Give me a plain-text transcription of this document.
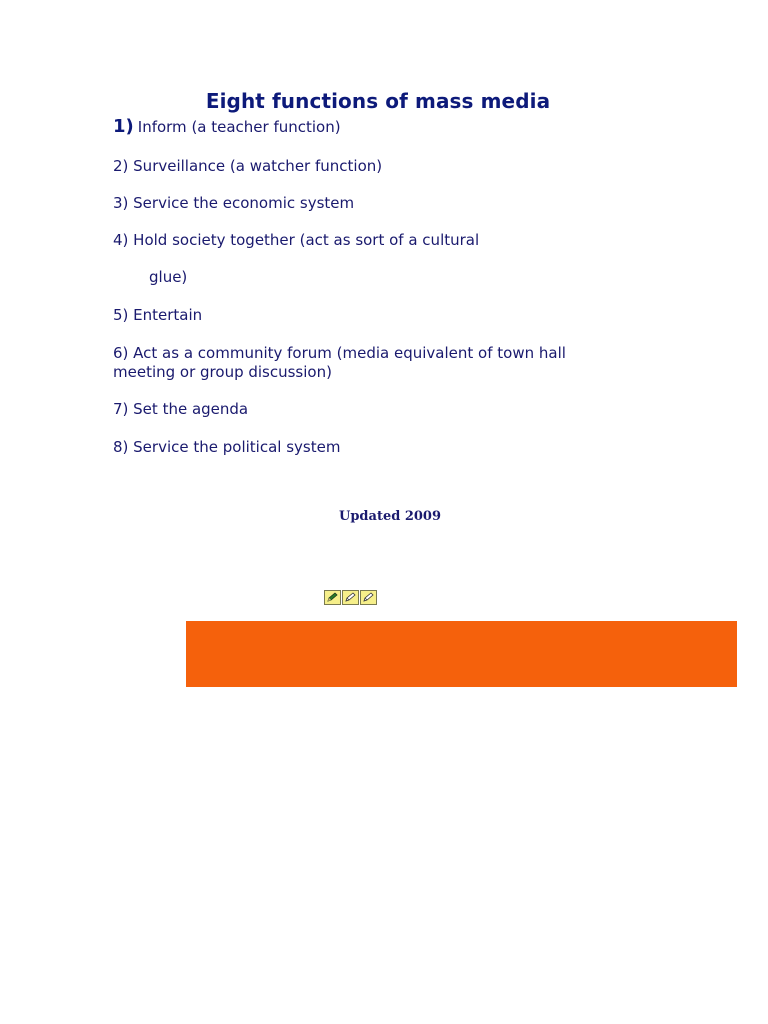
Eight functions of mass media
1) Inform (a teacher function)
2) Surveillance (a watcher function)
3) Service the economic system
4) Hold society together (act as sort of a cultural
glue)
5) Entertain
6) Act as a community forum (media equivalent of town hall
meeting or group discussion)
7) Set the agenda
8) Service the political system
Updated 2009
